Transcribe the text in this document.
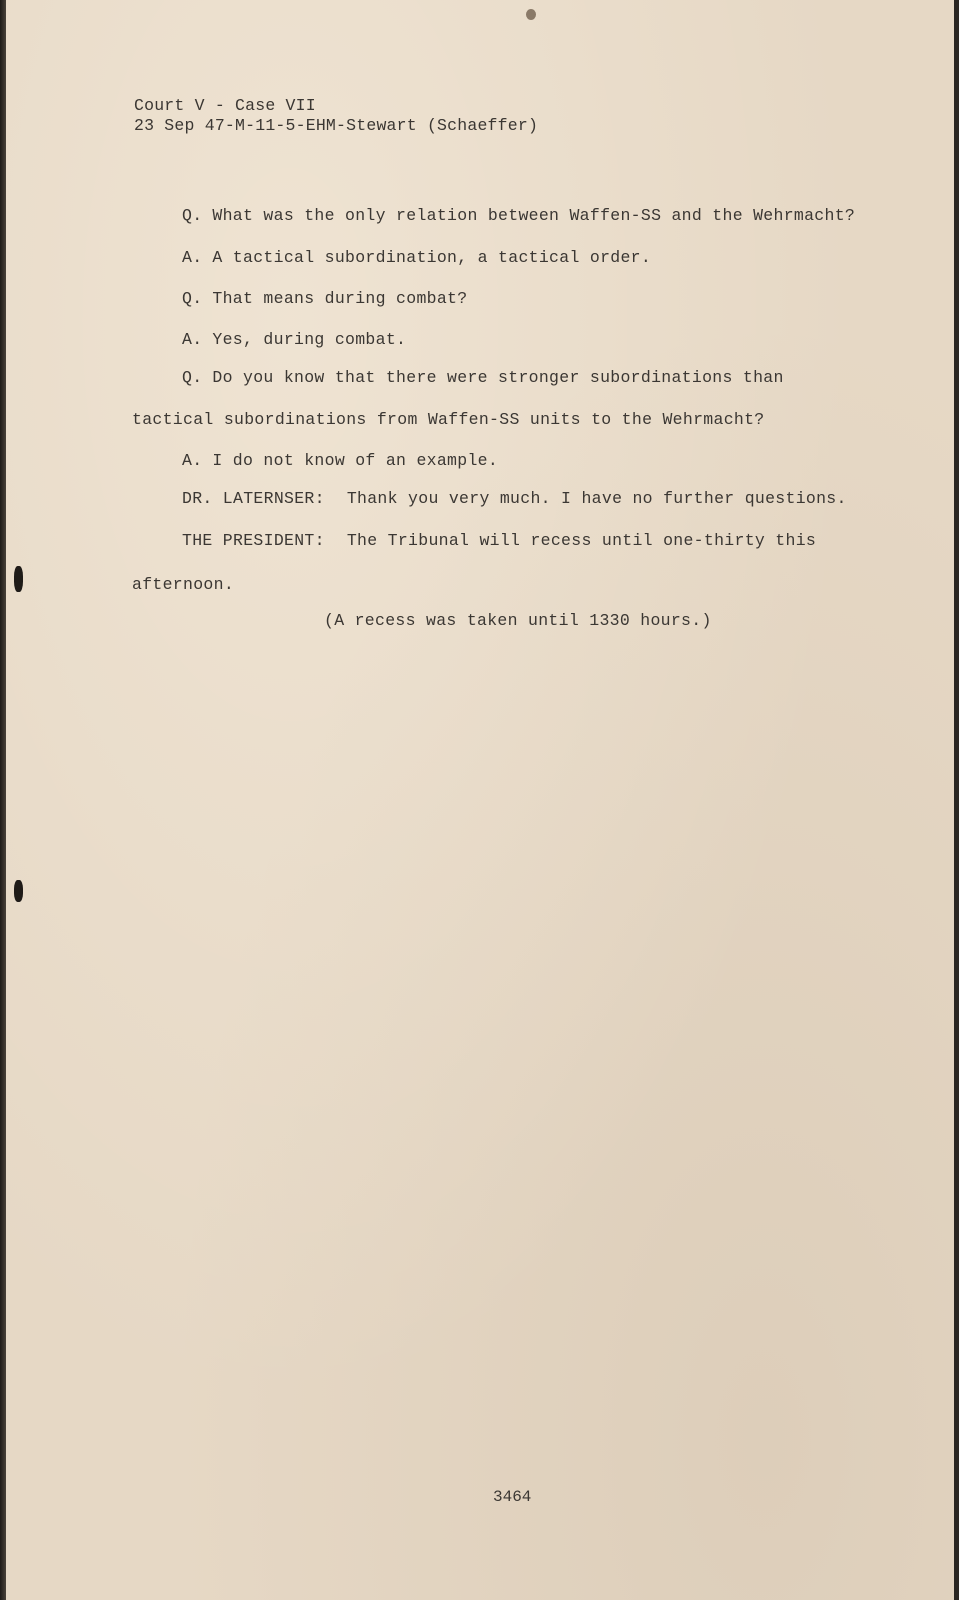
Court V - Case VII
23 Sep 47-M-11-5-EHM-Stewart (Schaeffer)
Q. What was the only relation between Waffen-SS and the Wehrmacht?
A. A tactical subordination, a tactical order.
Q. That means during combat?
A. Yes, during combat.
Q. Do you know that there were stronger subordinations than
tactical subordinations from Waffen-SS units to the Wehrmacht?
A. I do not know of an example.
DR. LATERNSER: Thank you very much. I have no further questions.
THE PRESIDENT: The Tribunal will recess until one-thirty this
afternoon.
(A recess was taken until 1330 hours.)
3464
